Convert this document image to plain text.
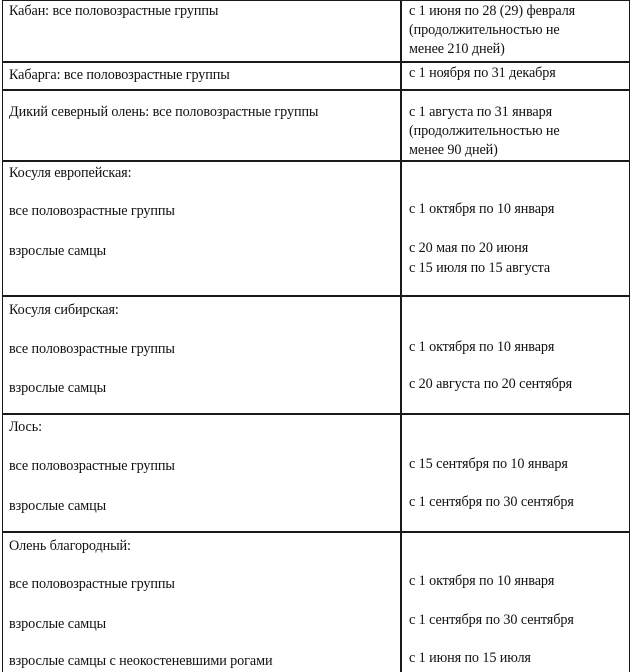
Кабан: все половозрастные группы	с 1 июня по 28 (29) февраля
(продолжительностью не
менее 210 дней)
Кабарга: все половозрастные группы	с 1 ноября по 31 декабря
Дикий северный олень: все половозрастные группы	с 1 августа по 31 января
(продолжительностью не
менее 90 дней)
Косуля европейская:
все половозрастные группы	с 1 октября по 10 января
взрослые самцы	с 20 мая по 20 июня
с 15 июля по 15 августа
Косуля сибирская:
все половозрастные группы	с 1 октября по 10 января
взрослые самцы	с 20 августа по 20 сентября
Лось:
все половозрастные группы	с 15 сентября по 10 января
взрослые самцы	с 1 сентября по 30 сентября
Олень благородный:
все половозрастные группы	с 1 октября по 10 января
взрослые самцы	с 1 сентября по 30 сентября
взрослые самцы с неокостеневшими рогами	с 1 июня по 15 июля
